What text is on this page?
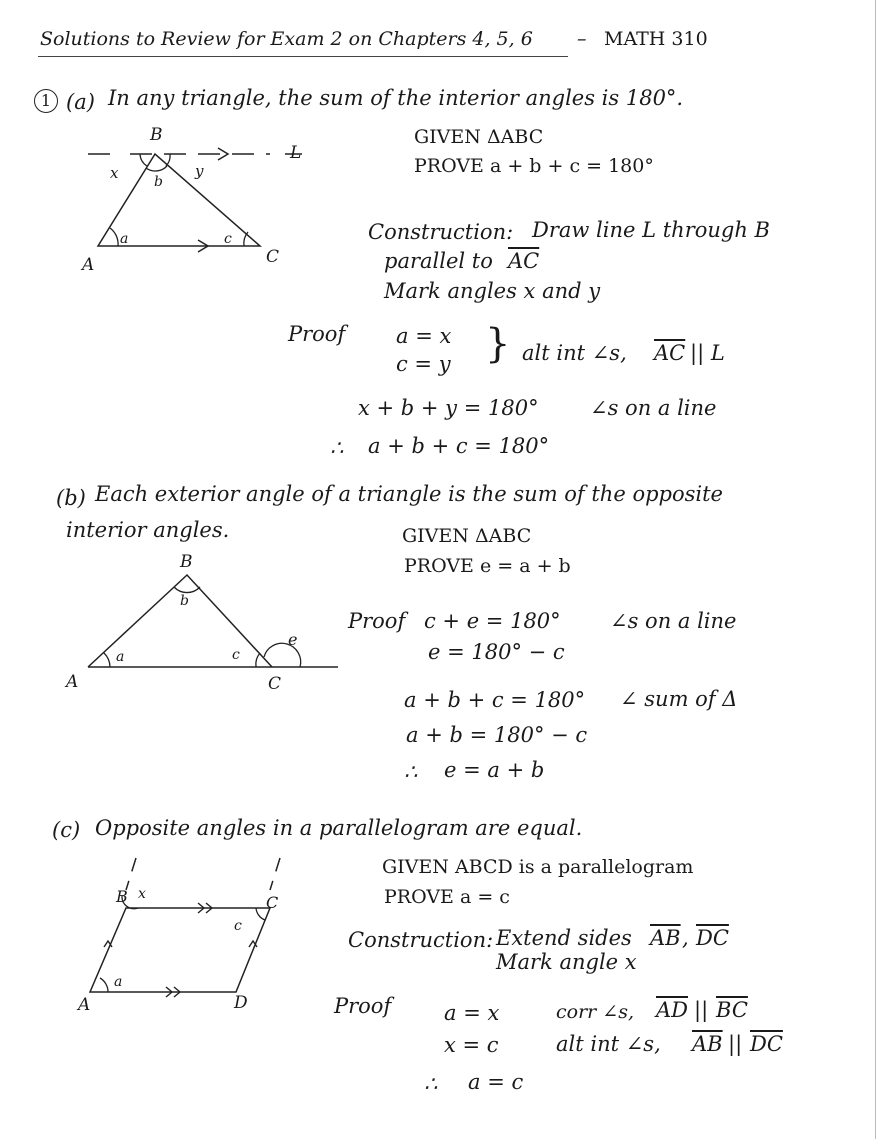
Solutions to Review for Exam 2 on Chapters 4, 5, 6 – MATH 310
1 (a) In any triangle, the sum of the interior angles is 180°.
B
x	b
y
L
a	c
A	C
GIVEN ΔABC
PROVE a + b + c = 180°
Construction: Draw line L through B
parallel to $\overline{AC}$
Mark angles x and y
Proof a = x
c = y } alt int ∠s, $\overline{AC}$ || L
x + b + y = 180° ∠s on a line
∴ a + b + c = 180°
(b) Each exterior angle of a triangle is the sum of the opposite
interior angles.
B
b
a	c
e
A	C
GIVEN ΔABC
PROVE e = a + b
Proof c + e = 180° ∠s on a line
e = 180° − c
a + b + c = 180° ∠ sum of Δ
a + b = 180° − c
∴ e = a + b
(c) Opposite angles in a parallelogram are equal.
B x	C
c
a
A	D
GIVEN ABCD is a parallelogram
PROVE a = c
Construction: Extend sides $\overline{AB}$ , $\overline{DC}$
Mark angle x
Proof	a = x	corr ∠s, $\overline{AD}$ || $\overline{BC}$
x = c	alt int ∠s, $\overline{AB}$ || $\overline{DC}$
∴ a = c
